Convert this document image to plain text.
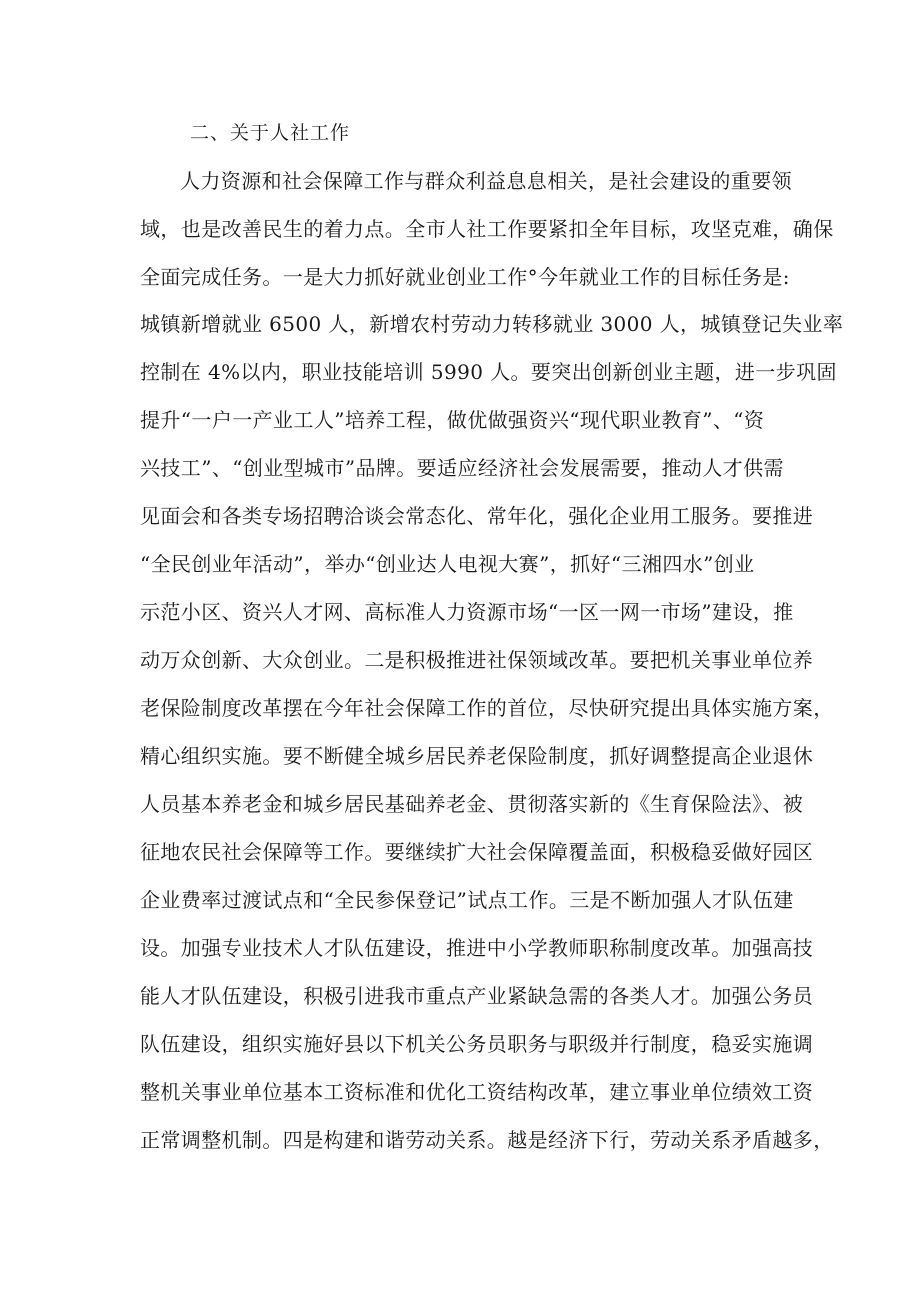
二、关于人社工作
人力资源和社会保障工作与群众利益息息相关，是社会建设的重要领
域，也是改善民生的着力点。全市人社工作要紧扣全年目标，攻坚克难，确保
全面完成任务。一是大力抓好就业创业工作°今年就业工作的目标任务是:
城镇新增就业 6500 人，新增农村劳动力转移就业 3000 人，城镇登记失业率
控制在 4%以内，职业技能培训 5990 人。要突出创新创业主题，进一步巩固
提升“一户一产业工人”培养工程，做优做强资兴“现代职业教育”、“资
兴技工”、“创业型城市”品牌。要适应经济社会发展需要，推动人才供需
见面会和各类专场招聘洽谈会常态化、常年化，强化企业用工服务。要推进
“全民创业年活动”，举办“创业达人电视大赛”，抓好“三湘四水”创业
示范小区、资兴人才网、高标准人力资源市场“一区一网一市场”建设，推
动万众创新、大众创业。二是积极推进社保领域改革。要把机关事业单位养
老保险制度改革摆在今年社会保障工作的首位，尽快研究提出具体实施方案，
精心组织实施。要不断健全城乡居民养老保险制度，抓好调整提高企业退休
人员基本养老金和城乡居民基础养老金、贯彻落实新的《生育保险法》、被
征地农民社会保障等工作。要继续扩大社会保障覆盖面，积极稳妥做好园区
企业费率过渡试点和“全民参保登记”试点工作。三是不断加强人才队伍建
设。加强专业技术人才队伍建设，推进中小学教师职称制度改革。加强高技
能人才队伍建设，积极引进我市重点产业紧缺急需的各类人才。加强公务员
队伍建设，组织实施好县以下机关公务员职务与职级并行制度，稳妥实施调
整机关事业单位基本工资标准和优化工资结构改革，建立事业单位绩效工资
正常调整机制。四是构建和谐劳动关系。越是经济下行，劳动关系矛盾越多，
